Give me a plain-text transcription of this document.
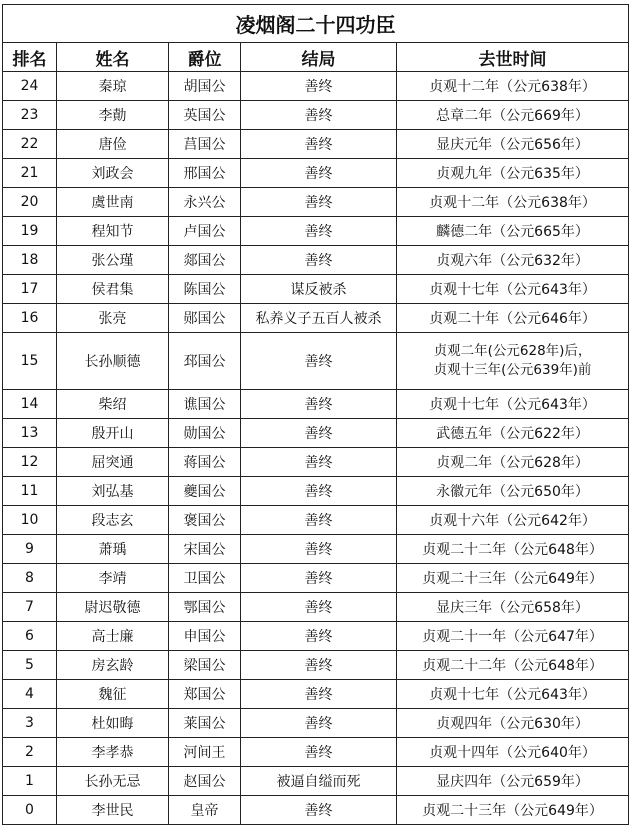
凌烟阁二十四功臣				
排名	姓名	爵位	结局	去世时间
24	秦琼	胡国公	善终	贞观十二年（公元638年）
23	李勣	英国公	善终	总章二年（公元669年）
22	唐俭	莒国公	善终	显庆元年（公元656年）
21	刘政会	邢国公	善终	贞观九年（公元635年）
20	虞世南	永兴公	善终	贞观十二年（公元638年）
19	程知节	卢国公	善终	麟德二年（公元665年）
18	张公瑾	郯国公	善终	贞观六年（公元632年）
17	侯君集	陈国公	谋反被杀	贞观十七年（公元643年）
16	张亮	郧国公	私养义子五百人被杀	贞观二十年（公元646年）
15	长孙顺德	邳国公	善终	贞观二年(公元628年)后，
贞观十三年(公元639年)前

14	柴绍	谯国公	善终	贞观十七年（公元643年）
13	殷开山	勋国公	善终	武德五年（公元622年）
12	屈突通	蒋国公	善终	贞观二年（公元628年）
11	刘弘基	夔国公	善终	永徽元年（公元650年）
10	段志玄	褒国公	善终	贞观十六年（公元642年）
9	萧瑀	宋国公	善终	贞观二十二年（公元648年）
8	李靖	卫国公	善终	贞观二十三年（公元649年）
7	尉迟敬德	鄂国公	善终	显庆三年（公元658年）
6	高士廉	申国公	善终	贞观二十一年（公元647年）
5	房玄龄	梁国公	善终	贞观二十二年（公元648年）
4	魏征	郑国公	善终	贞观十七年（公元643年）
3	杜如晦	莱国公	善终	贞观四年（公元630年）
2	李孝恭	河间王	善终	贞观十四年（公元640年）
1	长孙无忌	赵国公	被逼自缢而死	显庆四年（公元659年）
0	李世民	皇帝	善终	贞观二十三年（公元649年）
